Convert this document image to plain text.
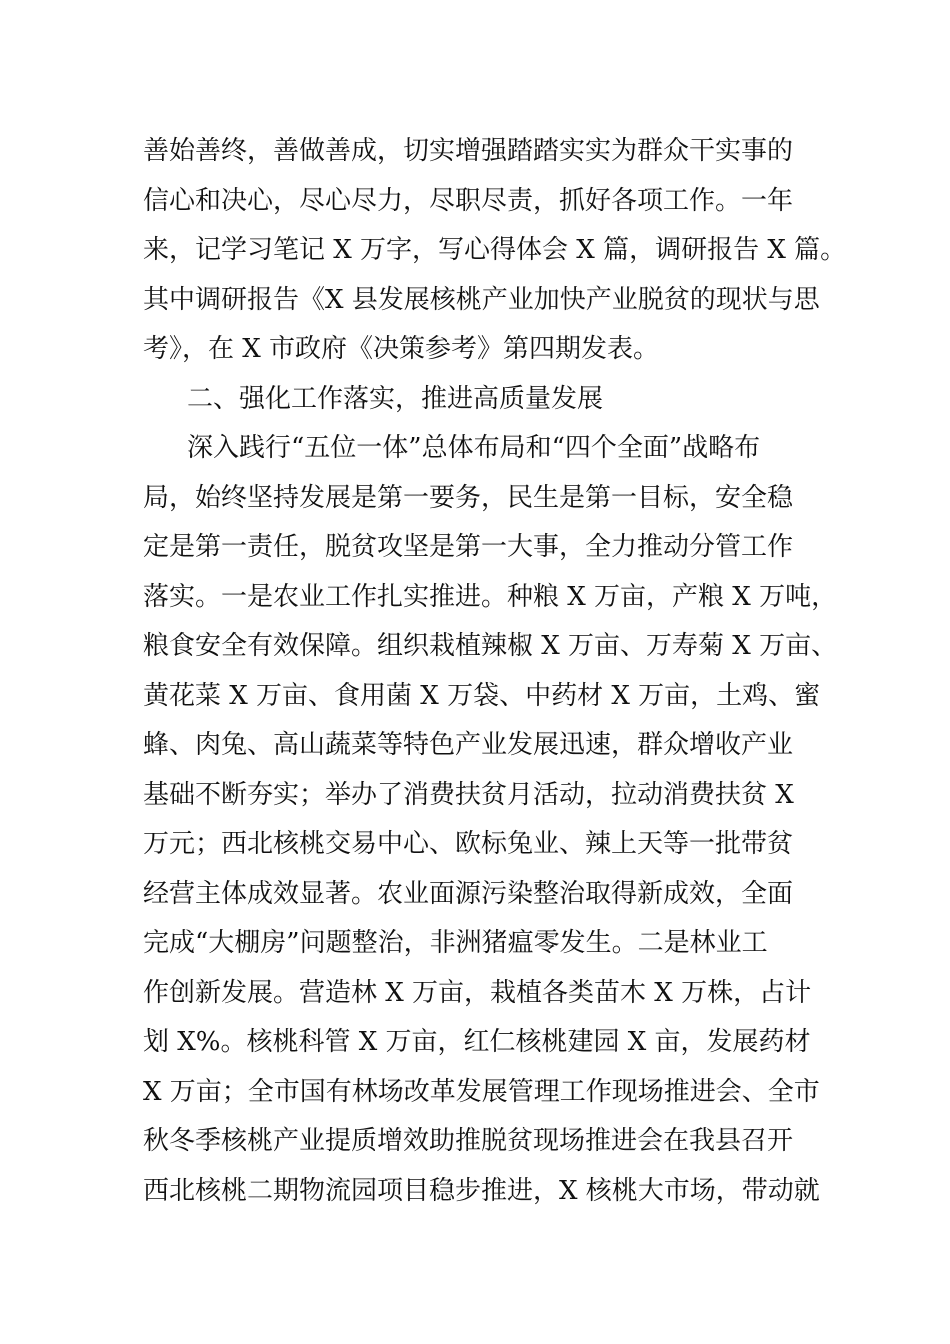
善始善终，善做善成，切实增强踏踏实实为群众干实事的
信心和决心，尽心尽力，尽职尽责，抓好各项工作。一年
来，记学习笔记 X 万字，写心得体会 X 篇，调研报告 X 篇。
其中调研报告《X 县发展核桃产业加快产业脱贫的现状与思
考》，在 X 市政府《决策参考》第四期发表。
二、强化工作落实，推进高质量发展
深入践行“五位一体”总体布局和“四个全面”战略布
局，始终坚持发展是第一要务，民生是第一目标，安全稳
定是第一责任，脱贫攻坚是第一大事，全力推动分管工作
落实。一是农业工作扎实推进。种粮 X 万亩，产粮 X 万吨，
粮食安全有效保障。组织栽植辣椒 X 万亩、万寿菊 X 万亩、
黄花菜 X 万亩、食用菌 X 万袋、中药材 X 万亩，土鸡、蜜
蜂、肉兔、高山蔬菜等特色产业发展迅速，群众增收产业
基础不断夯实；举办了消费扶贫月活动，拉动消费扶贫 X
万元；西北核桃交易中心、欧标兔业、辣上天等一批带贫
经营主体成效显著。农业面源污染整治取得新成效，全面
完成“大棚房”问题整治，非洲猪瘟零发生。二是林业工
作创新发展。营造林 X 万亩，栽植各类苗木 X 万株，占计
划 X%。核桃科管 X 万亩，红仁核桃建园 X 亩，发展药材
X 万亩；全市国有林场改革发展管理工作现场推进会、全市
秋冬季核桃产业提质增效助推脱贫现场推进会在我县召开
西北核桃二期物流园项目稳步推进，X 核桃大市场，带动就
